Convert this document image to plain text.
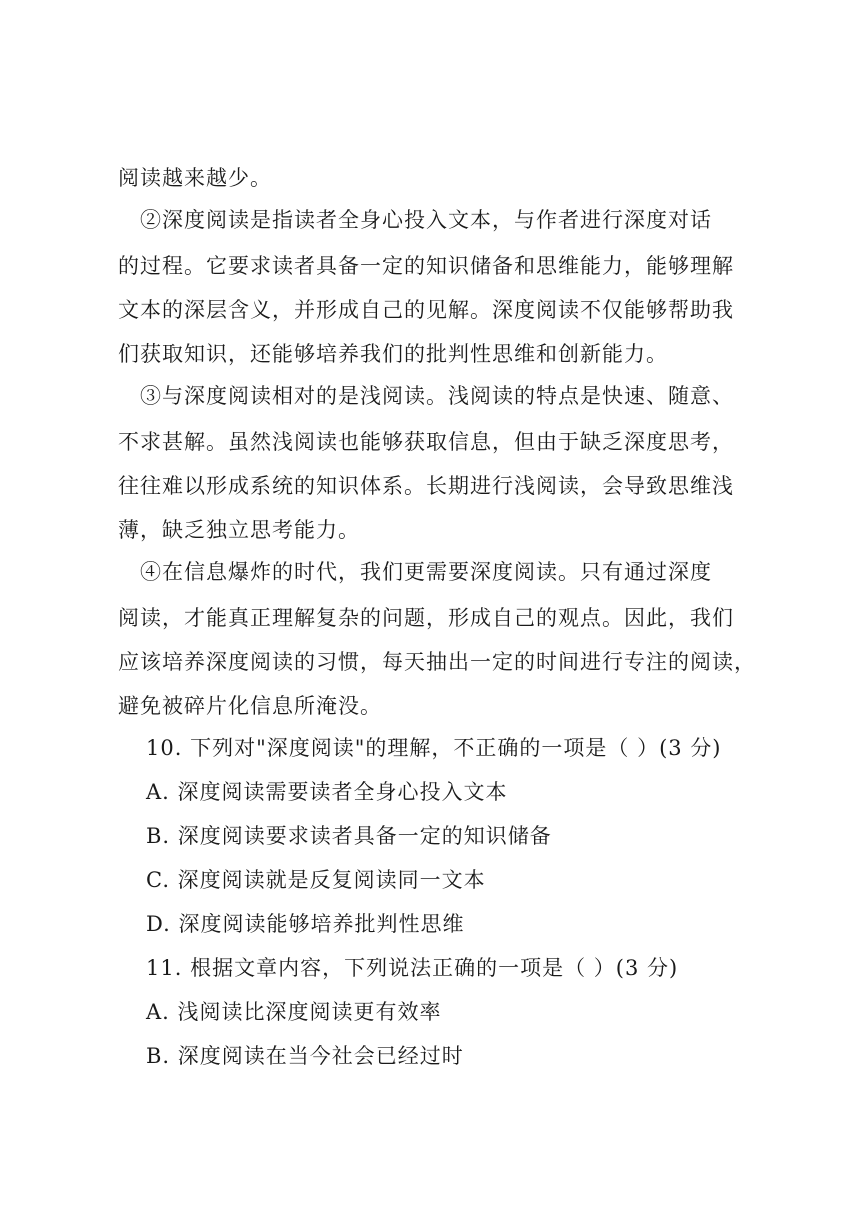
阅读越来越少。
②深度阅读是指读者全身心投入文本，与作者进行深度对话
的过程。它要求读者具备一定的知识储备和思维能力，能够理解
文本的深层含义，并形成自己的见解。深度阅读不仅能够帮助我
们获取知识，还能够培养我们的批判性思维和创新能力。
③与深度阅读相对的是浅阅读。浅阅读的特点是快速、随意、
不求甚解。虽然浅阅读也能够获取信息，但由于缺乏深度思考，
往往难以形成系统的知识体系。长期进行浅阅读，会导致思维浅
薄，缺乏独立思考能力。
④在信息爆炸的时代，我们更需要深度阅读。只有通过深度
阅读，才能真正理解复杂的问题，形成自己的观点。因此，我们
应该培养深度阅读的习惯，每天抽出一定的时间进行专注的阅读，
避免被碎片化信息所淹没。
10. 下列对"深度阅读"的理解，不正确的一项是（ ）(3 分)
A. 深度阅读需要读者全身心投入文本
B. 深度阅读要求读者具备一定的知识储备
C. 深度阅读就是反复阅读同一文本
D. 深度阅读能够培养批判性思维
11. 根据文章内容，下列说法正确的一项是（ ）(3 分)
A. 浅阅读比深度阅读更有效率
B. 深度阅读在当今社会已经过时
